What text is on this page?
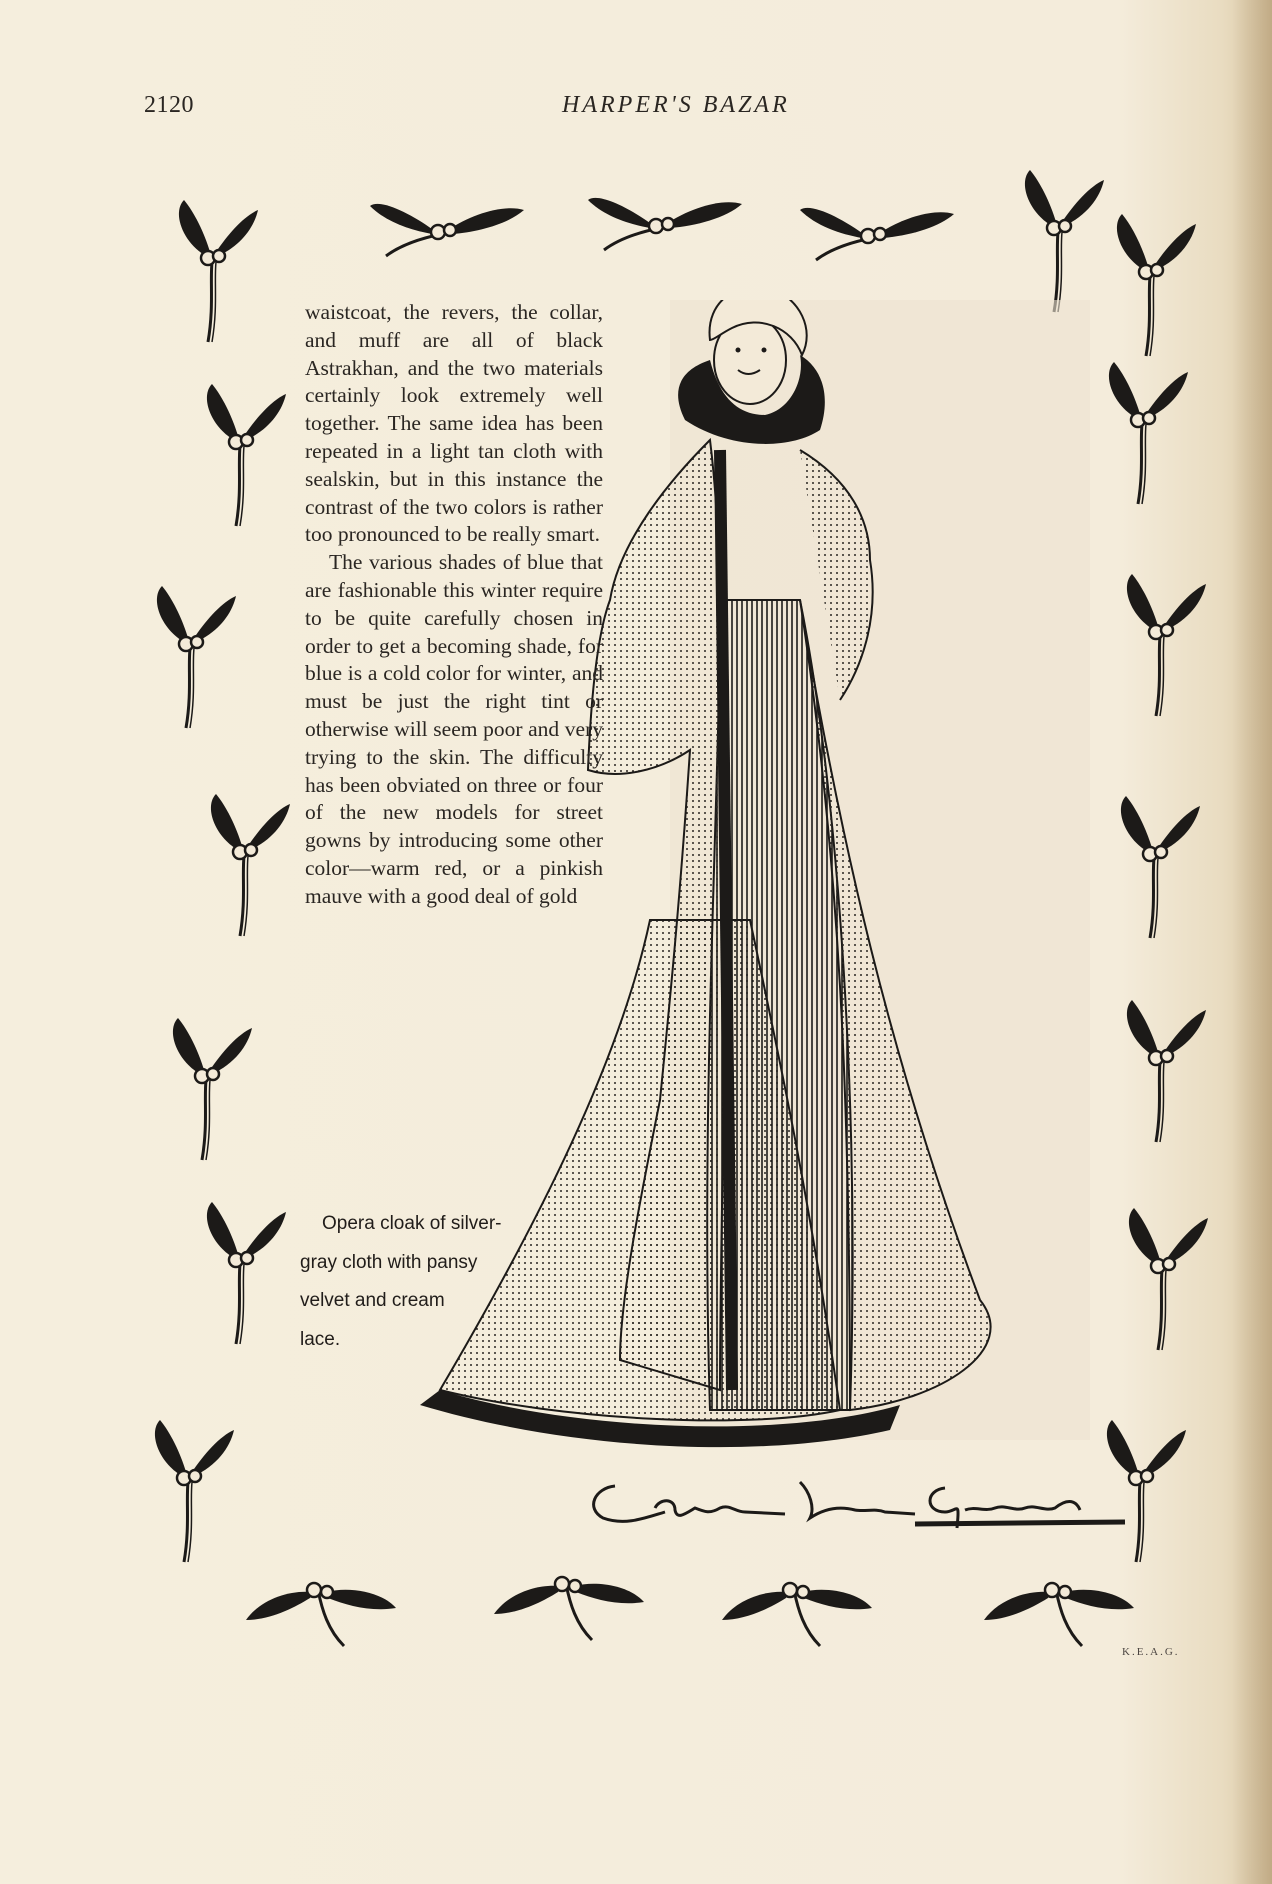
2120	HARPER'S BAZAR

waistcoat, the revers, the collar, and muff are all of black Astrakhan, and the two materials certainly look extremely well together. The same idea has been repeated in a light tan cloth with sealskin, but in this instance the contrast of the two colors is rather too pronounced to be really smart.

The various shades of blue that are fashionable this winter require to be quite carefully chosen in order to get a becoming shade, for blue is a cold color for winter, and must be just the right tint or otherwise will seem poor and very trying to the skin. The difficulty has been obviated on three or four of the new models for street gowns by introducing some other color—warm red, or a pinkish mauve with a good deal of gold

Opera cloak of silver-
gray cloth with pansy
velvet and cream
lace.
K.E.A.G.
